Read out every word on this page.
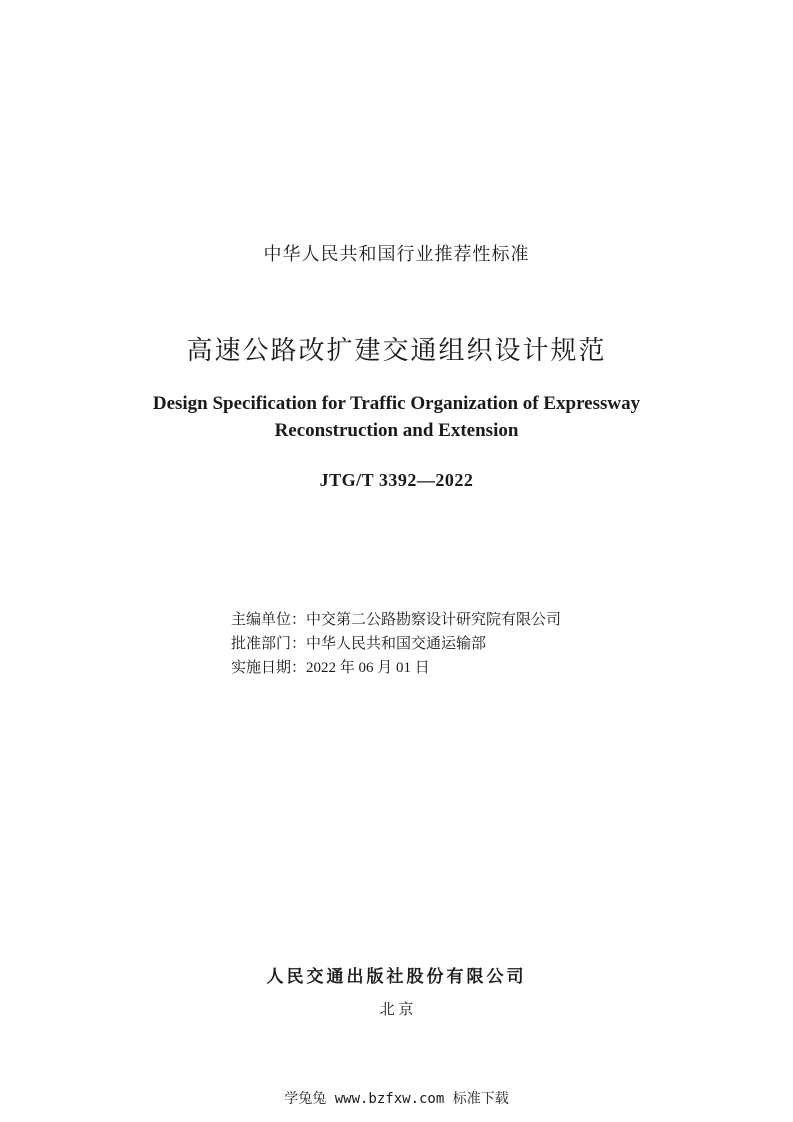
中华人民共和国行业推荐性标准
高速公路改扩建交通组织设计规范
Design Specification for Traffic Organization of Expressway
Reconstruction and Extension
JTG/T 3392—2022
主编单位：中交第二公路勘察设计研究院有限公司
批准部门：中华人民共和国交通运输部
实施日期：2022 年 06 月 01 日
人民交通出版社股份有限公司
北 京
学兔兔 www.bzfxw.com 标准下载
